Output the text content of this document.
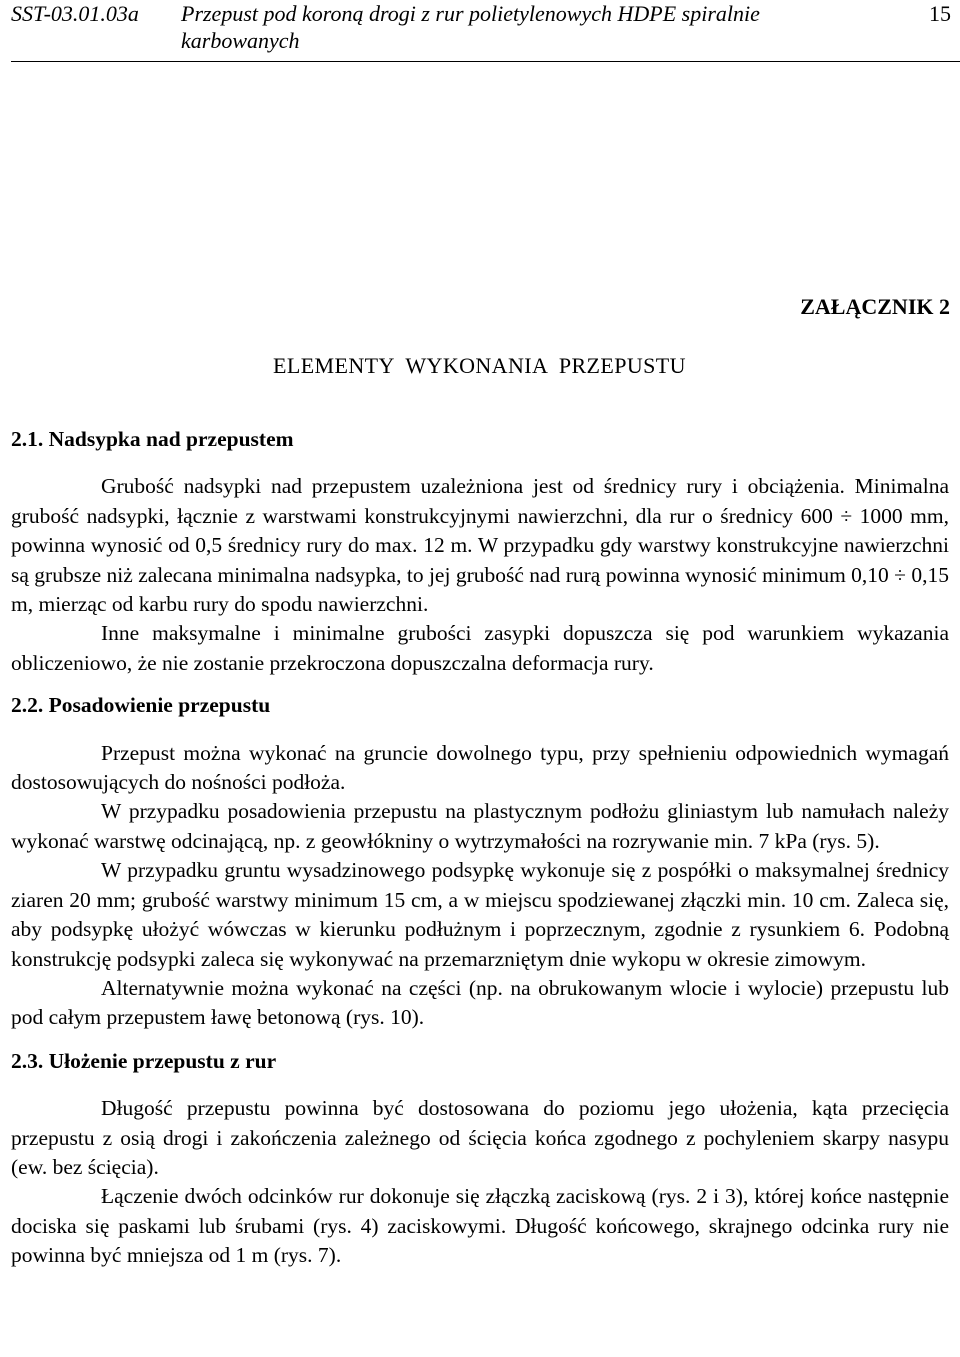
SST-03.01.03a Przepust pod koroną drogi z rur polietylenowych HDPE spiralnie karbowanych
15
ZAŁĄCZNIK 2
ELEMENTY  WYKONANIA  PRZEPUSTU
2.1. Nadsypka nad przepustem

Grubość nadsypki nad przepustem uzależniona jest od średnicy rury i obciążenia. Minimalna grubość nadsypki, łącznie z warstwami konstrukcyjnymi nawierzchni, dla rur o średnicy 600 ÷ 1000 mm, powinna wynosić od 0,5 średnicy rury do max. 12 m. W przypadku gdy warstwy konstrukcyjne nawierzchni są grubsze niż zalecana minimalna nadsypka, to jej grubość nad rurą powinna wynosić minimum 0,10 ÷ 0,15 m, mierząc od karbu rury do spodu nawierzchni.

Inne maksymalne i minimalne grubości zasypki dopuszcza się pod warunkiem wykazania obliczeniowo, że nie zostanie przekroczona dopuszczalna deformacja rury.

2.2. Posadowienie przepustu

Przepust można wykonać na gruncie dowolnego typu, przy spełnieniu odpowiednich wymagań dostosowujących do nośności podłoża.

W przypadku posadowienia przepustu na plastycznym podłożu gliniastym lub namułach należy wykonać warstwę odcinającą, np. z geowłókniny o wytrzymałości na rozrywanie min. 7 kPa (rys. 5).

W przypadku gruntu wysadzinowego podsypkę wykonuje się z pospółki o maksymalnej średnicy ziaren 20 mm; grubość warstwy minimum 15 cm, a w miejscu spodziewanej złączki min. 10 cm. Zaleca się, aby podsypkę ułożyć wówczas w kierunku podłużnym i poprzecznym, zgodnie z rysunkiem 6. Podobną konstrukcję podsypki zaleca się wykonywać na przemarzniętym dnie wykopu w okresie zimowym.

Alternatywnie można wykonać na części (np. na obrukowanym wlocie i wylocie) przepustu lub pod całym przepustem ławę betonową (rys. 10).

2.3. Ułożenie przepustu z rur

Długość przepustu powinna być dostosowana do poziomu jego ułożenia, kąta przecięcia przepustu z osią drogi i zakończenia zależnego od ścięcia końca zgodnego z pochyleniem skarpy nasypu (ew. bez ścięcia).

Łączenie dwóch odcinków rur dokonuje się złączką zaciskową (rys. 2 i 3), której końce następnie dociska się paskami lub śrubami (rys. 4) zaciskowymi. Długość końcowego, skrajnego odcinka rury nie powinna być mniejsza od 1 m (rys. 7).
